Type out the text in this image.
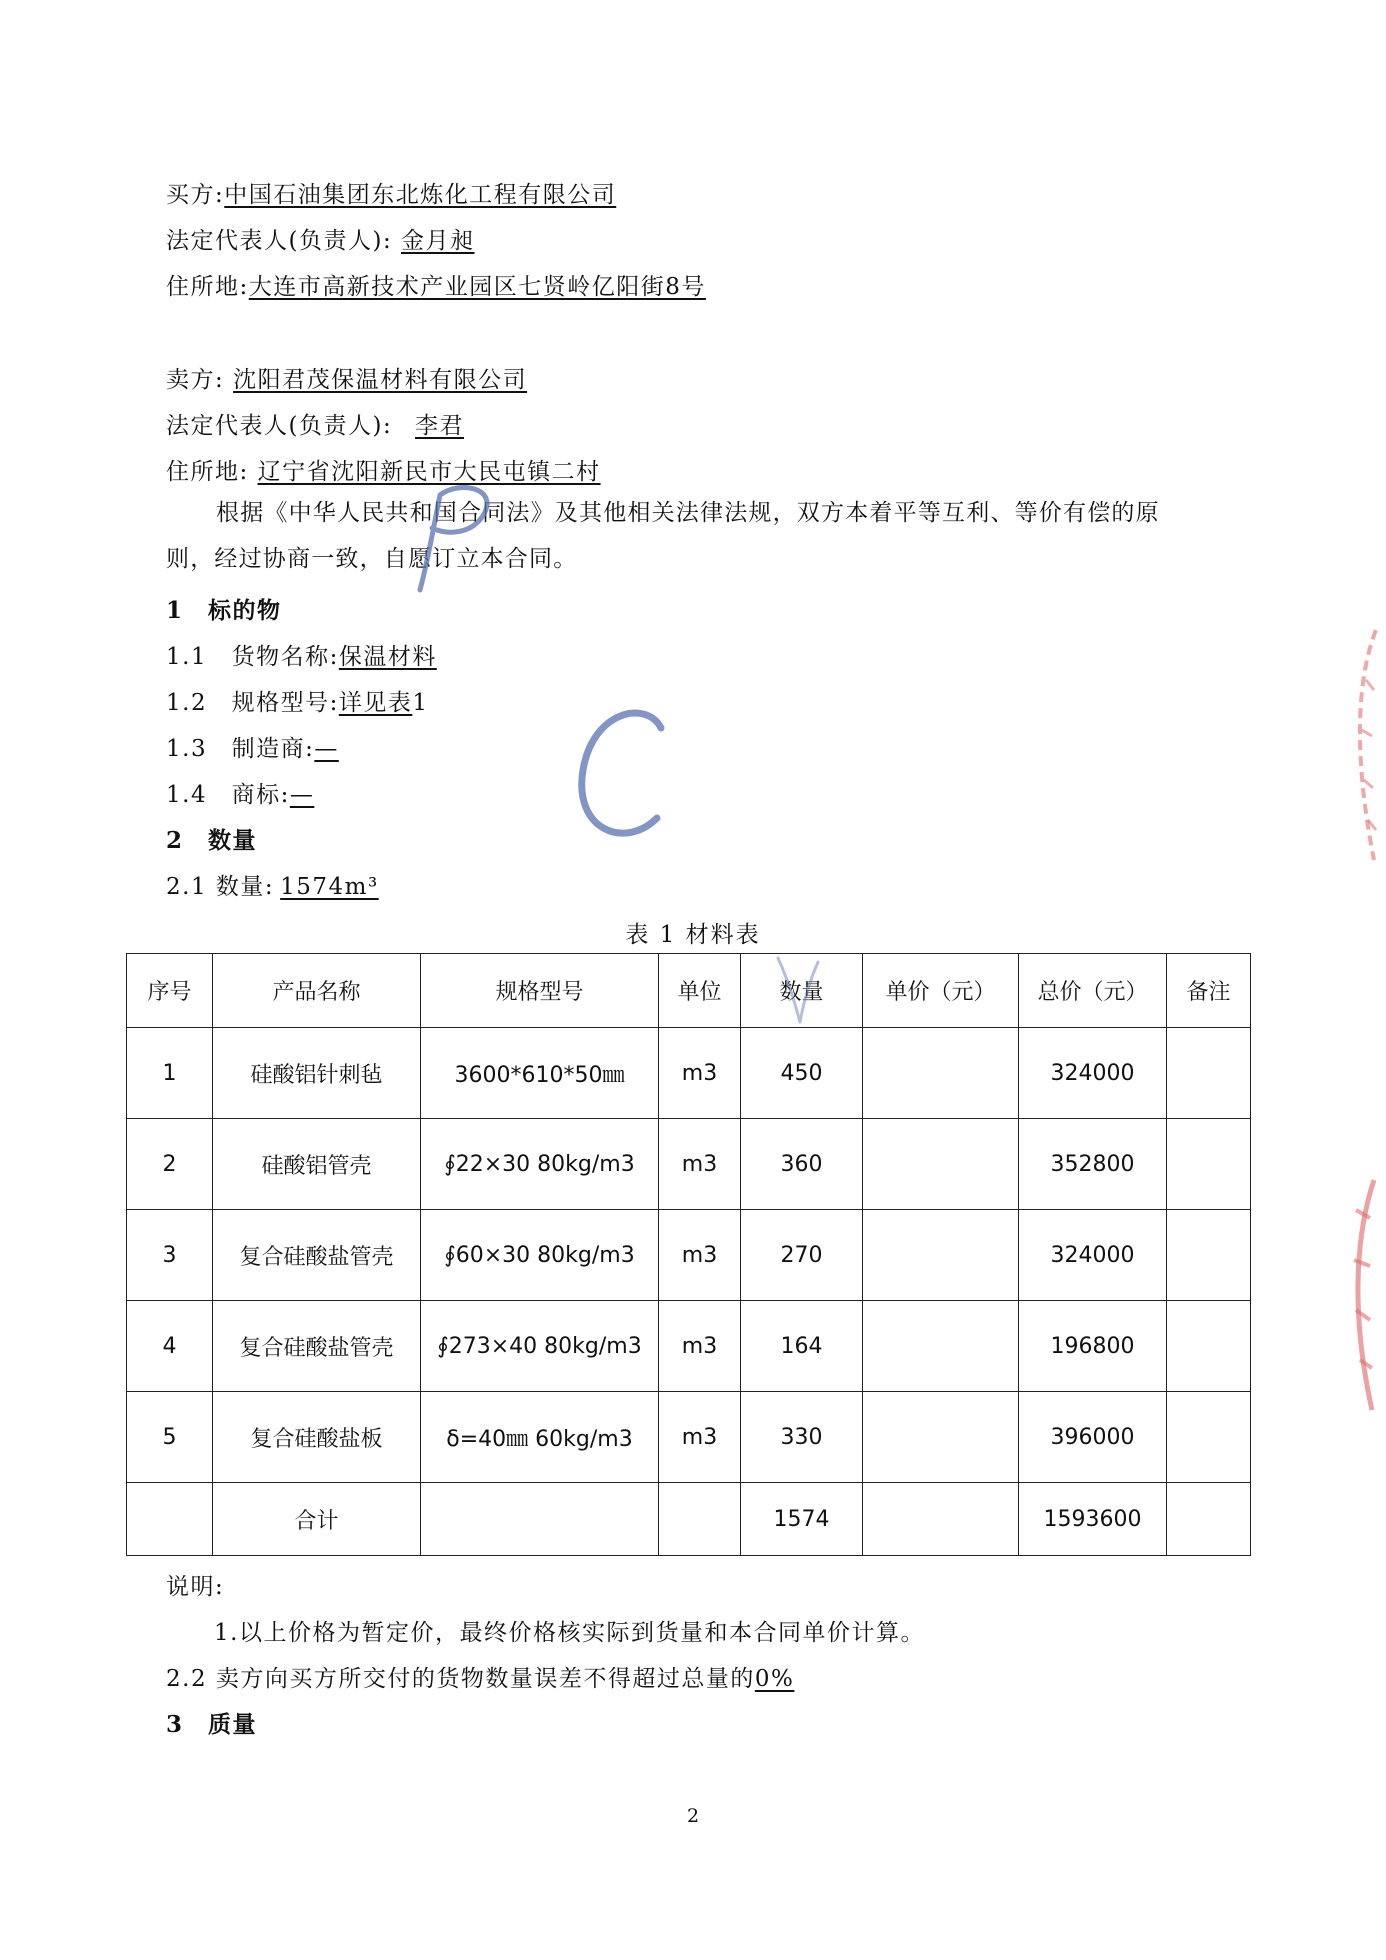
买方:中国石油集团东北炼化工程有限公司
法定代表人(负责人): 金月昶
住所地:大连市高新技术产业园区七贤岭亿阳街8号
卖方: 沈阳君茂保温材料有限公司
法定代表人(负责人): 李君
住所地: 辽宁省沈阳新民市大民屯镇二村
根据《中华人民共和国合同法》及其他相关法律法规，双方本着平等互利、等价有偿的原
则，经过协商一致，自愿订立本合同。
1　标的物
1.1　货物名称:保温材料
1.2　规格型号:详见表1
1.3　制造商:—
1.4　商标:—
2　数量
2.1 数量: 1574m³
表 1 材料表
序号	产品名称	规格型号	单位	数量	单价（元）	总价（元）	备注
1	硅酸铝针刺毡	3600*610*50㎜	m3	450		324000	
2	硅酸铝管壳	∮22×30 80kg/m3	m3	360		352800	
3	复合硅酸盐管壳	∮60×30 80kg/m3	m3	270		324000	
4	复合硅酸盐管壳	∮273×40 80kg/m3	m3	164		196800	
5	复合硅酸盐板	δ=40㎜ 60kg/m3	m3	330		396000	
	合计			1574		1593600	
说明:
1.以上价格为暂定价，最终价格核实际到货量和本合同单价计算。
2.2 卖方向买方所交付的货物数量误差不得超过总量的0%
3　质量
2
